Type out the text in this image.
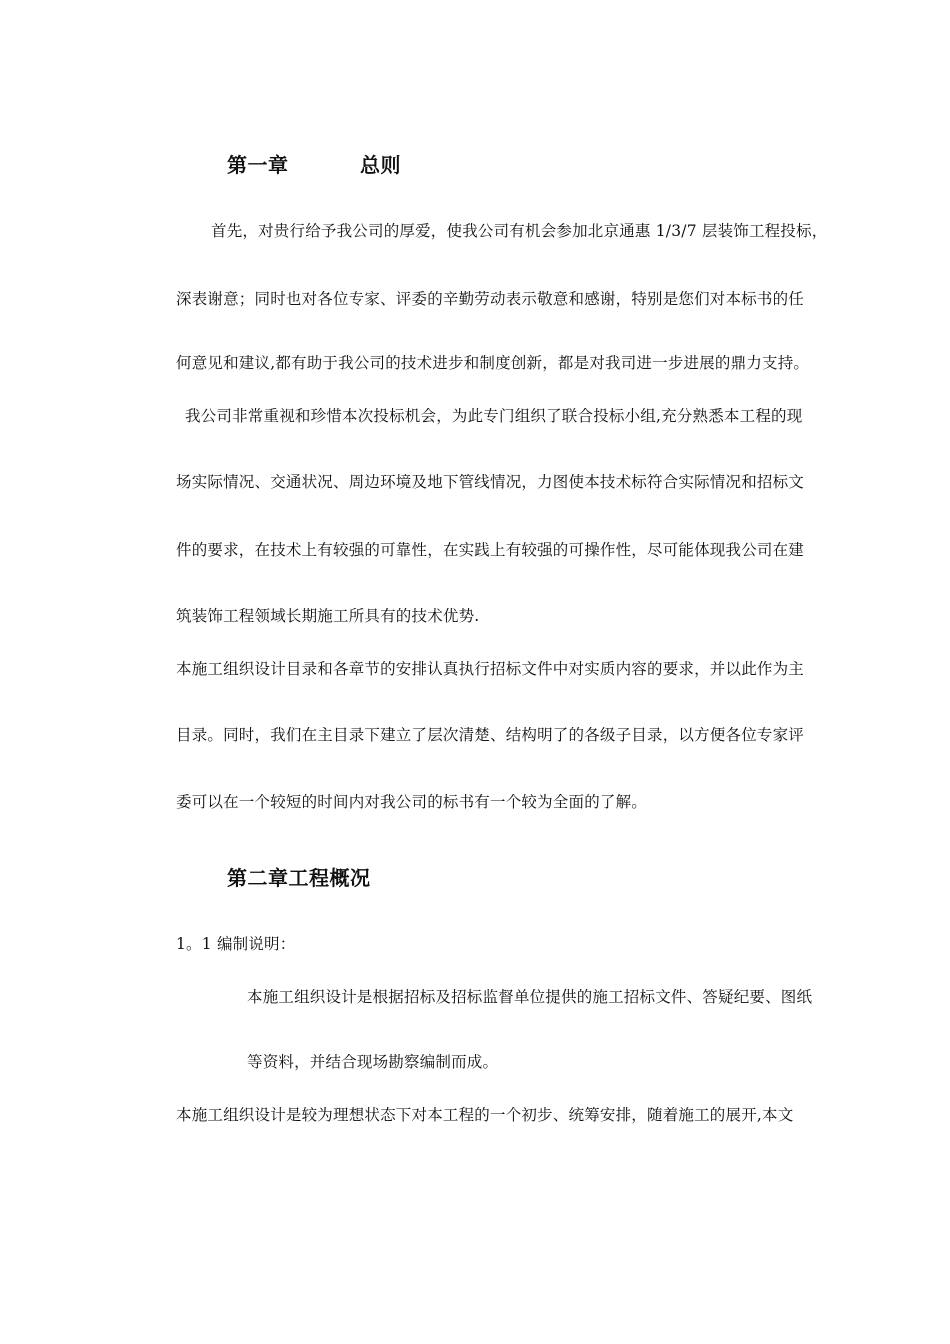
第一章	总则
首先，对贵行给予我公司的厚爱，使我公司有机会参加北京通惠 1/3/7 层装饰工程投标，
深表谢意；同时也对各位专家、评委的辛勤劳动表示敬意和感谢，特别是您们对本标书的任
何意见和建议,都有助于我公司的技术进步和制度创新，都是对我司进一步进展的鼎力支持。
我公司非常重视和珍惜本次投标机会，为此专门组织了联合投标小组,充分熟悉本工程的现
场实际情况、交通状况、周边环境及地下管线情况，力图使本技术标符合实际情况和招标文
件的要求，在技术上有较强的可靠性，在实践上有较强的可操作性，尽可能体现我公司在建
筑装饰工程领域长期施工所具有的技术优势.
本施工组织设计目录和各章节的安排认真执行招标文件中对实质内容的要求，并以此作为主
目录。同时，我们在主目录下建立了层次清楚、结构明了的各级子目录，以方便各位专家评
委可以在一个较短的时间内对我公司的标书有一个较为全面的了解。
第二章工程概况
1。1 编制说明：
本施工组织设计是根据招标及招标监督单位提供的施工招标文件、答疑纪要、图纸
等资料，并结合现场勘察编制而成。
本施工组织设计是较为理想状态下对本工程的一个初步、统筹安排，随着施工的展开,本文
